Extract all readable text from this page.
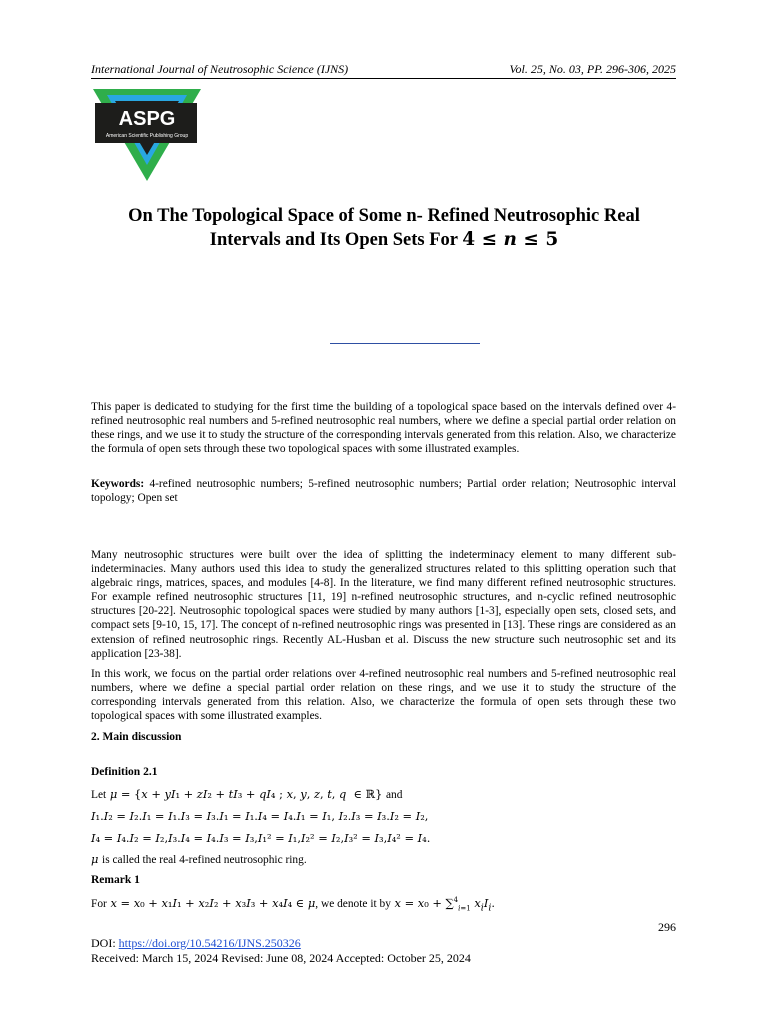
International Journal of Neutrosophic Science (IJNS)	Vol. 25, No. 03, PP. 296-306, 2025
ASPG
American Scientific Publishing Group
On The Topological Space of Some n- Refined Neutrosophic Real
Intervals and Its Open Sets For 4 ≤ n ≤ 5
This paper is dedicated to studying for the first time the building of a topological space based on the intervals defined over 4-refined neutrosophic real numbers and 5-refined neutrosophic real numbers, where we define a special partial order relation on these rings, and we use it to study the structure of the corresponding intervals generated from this relation. Also, we characterize the formula of open sets through these two topological spaces with some illustrated examples.
Keywords: 4-refined neutrosophic numbers; 5-refined neutrosophic numbers; Partial order relation; Neutrosophic interval topology; Open set
Many neutrosophic structures were built over the idea of splitting the indeterminacy element to many different sub-indeterminacies. Many authors used this idea to study the generalized structures related to this splitting operation such that algebraic rings, matrices, spaces, and modules [4-8]. In the literature, we find many different refined neutrosophic structures. For example refined neutrosophic structures [11, 19] n-refined neutrosophic structures, and n-cyclic refined neutrosophic structures [20-22]. Neutrosophic topological spaces were studied by many authors [1-3], especially open sets, closed sets, and compact sets [9-10, 15, 17]. The concept of n-refined neutrosophic rings was presented in [13]. These rings are considered as an extension of refined neutrosophic rings. Recently AL-Husban et al. Discuss the new structure such neutrosophic set and its application [23-38].
In this work, we focus on the partial order relations over 4-refined neutrosophic real numbers and 5-refined neutrosophic real numbers, where we define a special partial order relation on these rings, and we use it to study the structure of the corresponding intervals generated from this relation. Also, we characterize the formula of open sets through these two topological spaces with some illustrated examples.
2. Main discussion
Definition 2.1
Let μ = {x + yI₁ + zI₂ + tI₃ + qI₄ ; x, y, z, t, q  ∈ ℝ} and
I₁.I₂ = I₂.I₁ = I₁.I₃ = I₃.I₁ = I₁.I₄ = I₄.I₁ = I₁, I₂.I₃ = I₃.I₂ = I₂,
I₄ = I₄.I₂ = I₂,I₃.I₄ = I₄.I₃ = I₃,I₁² = I₁,I₂² = I₂,I₃² = I₃,I₄² = I₄.
μ is called the real 4-refined neutrosophic ring.
Remark 1
For x = x₀ + x₁I₁ + x₂I₂ + x₃I₃ + x₄I₄ ∈ μ, we denote it by x = x₀ + ∑$^4_{i=1}$ $x_iI_i$.
296
DOI: https://doi.org/10.54216/IJNS.250326
Received: March 15, 2024 Revised: June 08, 2024 Accepted: October 25, 2024
